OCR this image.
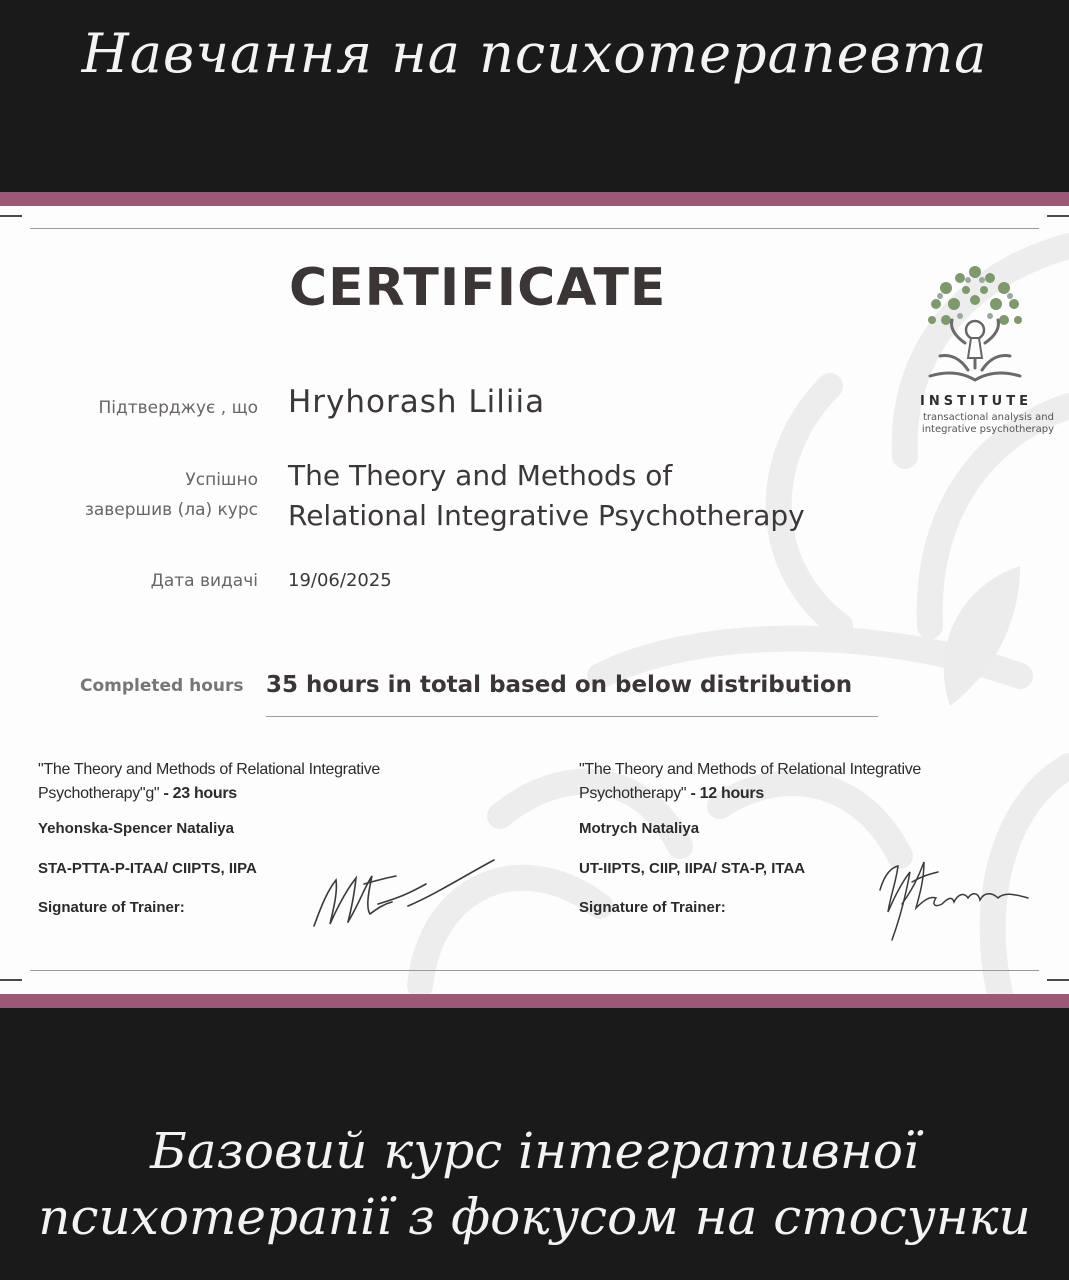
Навчання на психотерапевта
CERTIFICATE
Підтверджує , що Hryhorash Liliia
Успішно
завершив (ла) курс
The Theory and Methods of
Relational Integrative Psychotherapy
Дата видачі 19/06/2025
Completed hours 35 hours in total based on below distribution
INSTITUTE
transactional analysis and
integrative psychotherapy
"The Theory and Methods of Relational Integrative
Psychotherapy"g" - 23 hours
Yehonska-Spencer Nataliya
STA-PTTA-P-ITAA/ CIIPTS, IIPA
Signature of Trainer:
"The Theory and Methods of Relational Integrative
Psychotherapy" - 12 hours
Motrych Nataliya
UT-IIPTS, CIIP, IIPA/ STA-P, ITAA
Signature of Trainer:
Базовий курс інтегративної
психотерапії з фокусом на стосунки
